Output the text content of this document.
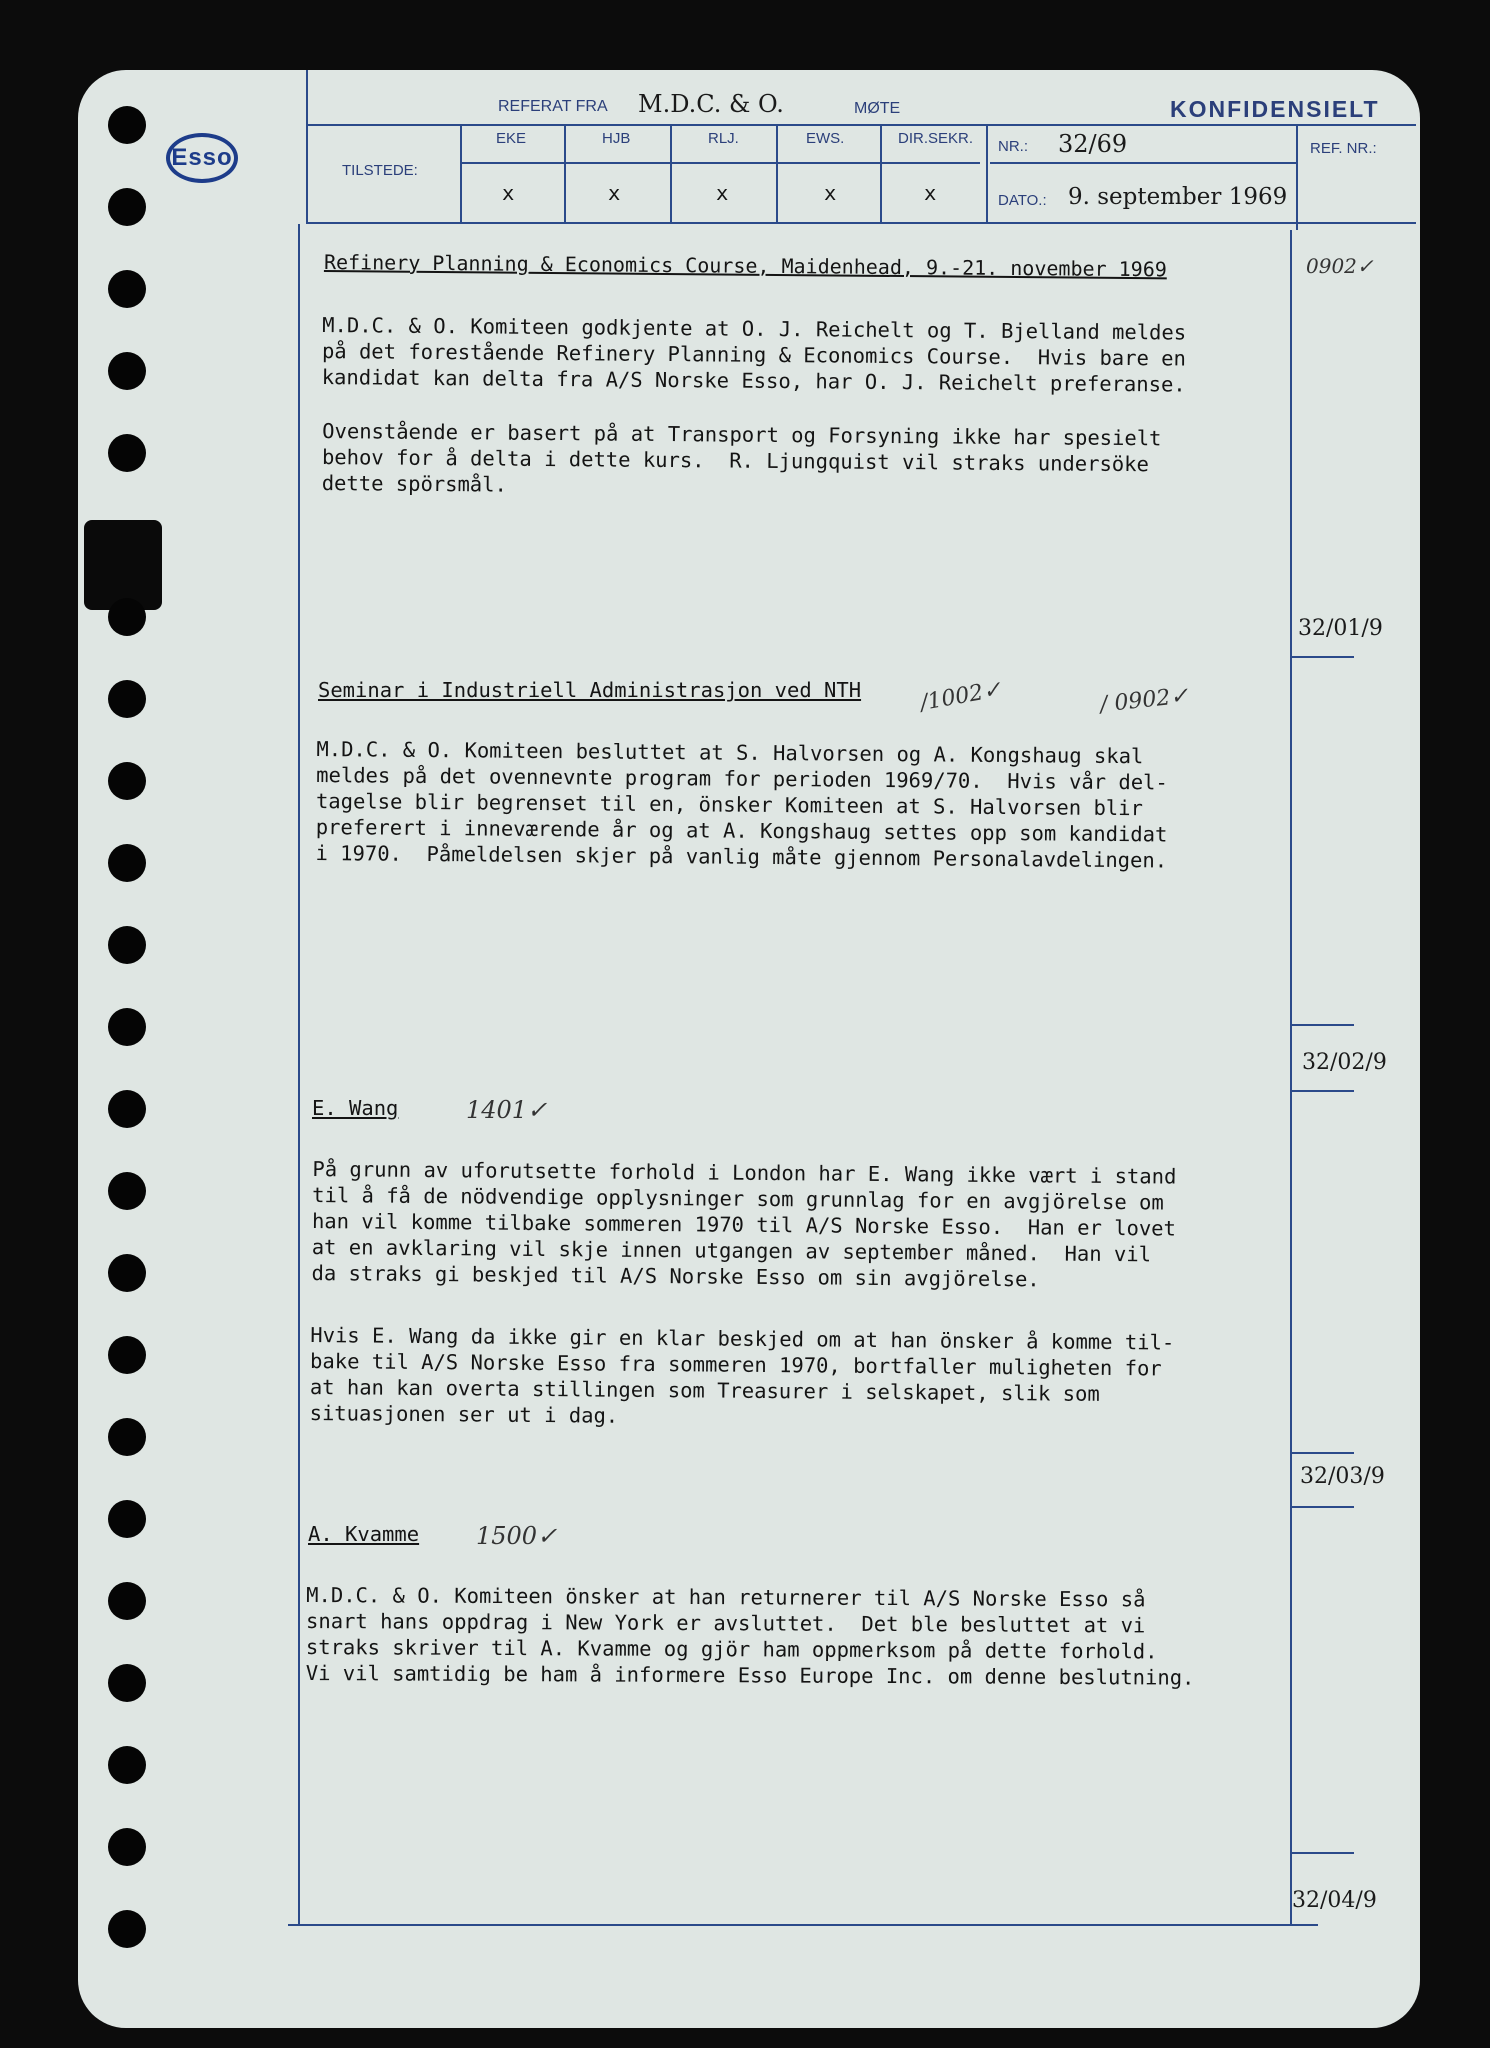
Esso
REFERAT FRA M.D.C. & O.	MØTE	KONFIDENSIELT
TILSTEDE:
EKE	HJB	RLJ.	EWS.	DIR.SEKR.
x	x	x	x	x
NR.: 32/69
DATO.: 9. september 1969
REF. NR.:
Refinery Planning & Economics Course, Maidenhead, 9.-21. november 1969	0902✓
M.D.C. & O. Komiteen godkjente at O. J. Reichelt og T. Bjelland meldes
på det forestående Refinery Planning & Economics Course.  Hvis bare en
kandidat kan delta fra A/S Norske Esso, har O. J. Reichelt preferanse.
Ovenstående er basert på at Transport og Forsyning ikke har spesielt
behov for å delta i dette kurs.  R. Ljungquist vil straks undersöke
dette spörsmål.
32/01/9
Seminar i Industriell Administrasjon ved NTH	/1002✓	/ 0902✓
M.D.C. & O. Komiteen besluttet at S. Halvorsen og A. Kongshaug skal
meldes på det ovennevnte program for perioden 1969/70.  Hvis vår del-
tagelse blir begrenset til en, önsker Komiteen at S. Halvorsen blir
preferert i inneværende år og at A. Kongshaug settes opp som kandidat
i 1970.  Påmeldelsen skjer på vanlig måte gjennom Personalavdelingen.
32/02/9
E. Wang	1401✓
På grunn av uforutsette forhold i London har E. Wang ikke vært i stand
til å få de nödvendige opplysninger som grunnlag for en avgjörelse om
han vil komme tilbake sommeren 1970 til A/S Norske Esso.  Han er lovet
at en avklaring vil skje innen utgangen av september måned.  Han vil
da straks gi beskjed til A/S Norske Esso om sin avgjörelse.
Hvis E. Wang da ikke gir en klar beskjed om at han önsker å komme til-
bake til A/S Norske Esso fra sommeren 1970, bortfaller muligheten for
at han kan overta stillingen som Treasurer i selskapet, slik som
situasjonen ser ut i dag.
32/03/9
A. Kvamme 1500✓
M.D.C. & O. Komiteen önsker at han returnerer til A/S Norske Esso så
snart hans oppdrag i New York er avsluttet.  Det ble besluttet at vi
straks skriver til A. Kvamme og gjör ham oppmerksom på dette forhold.
Vi vil samtidig be ham å informere Esso Europe Inc. om denne beslutning.
32/04/9
